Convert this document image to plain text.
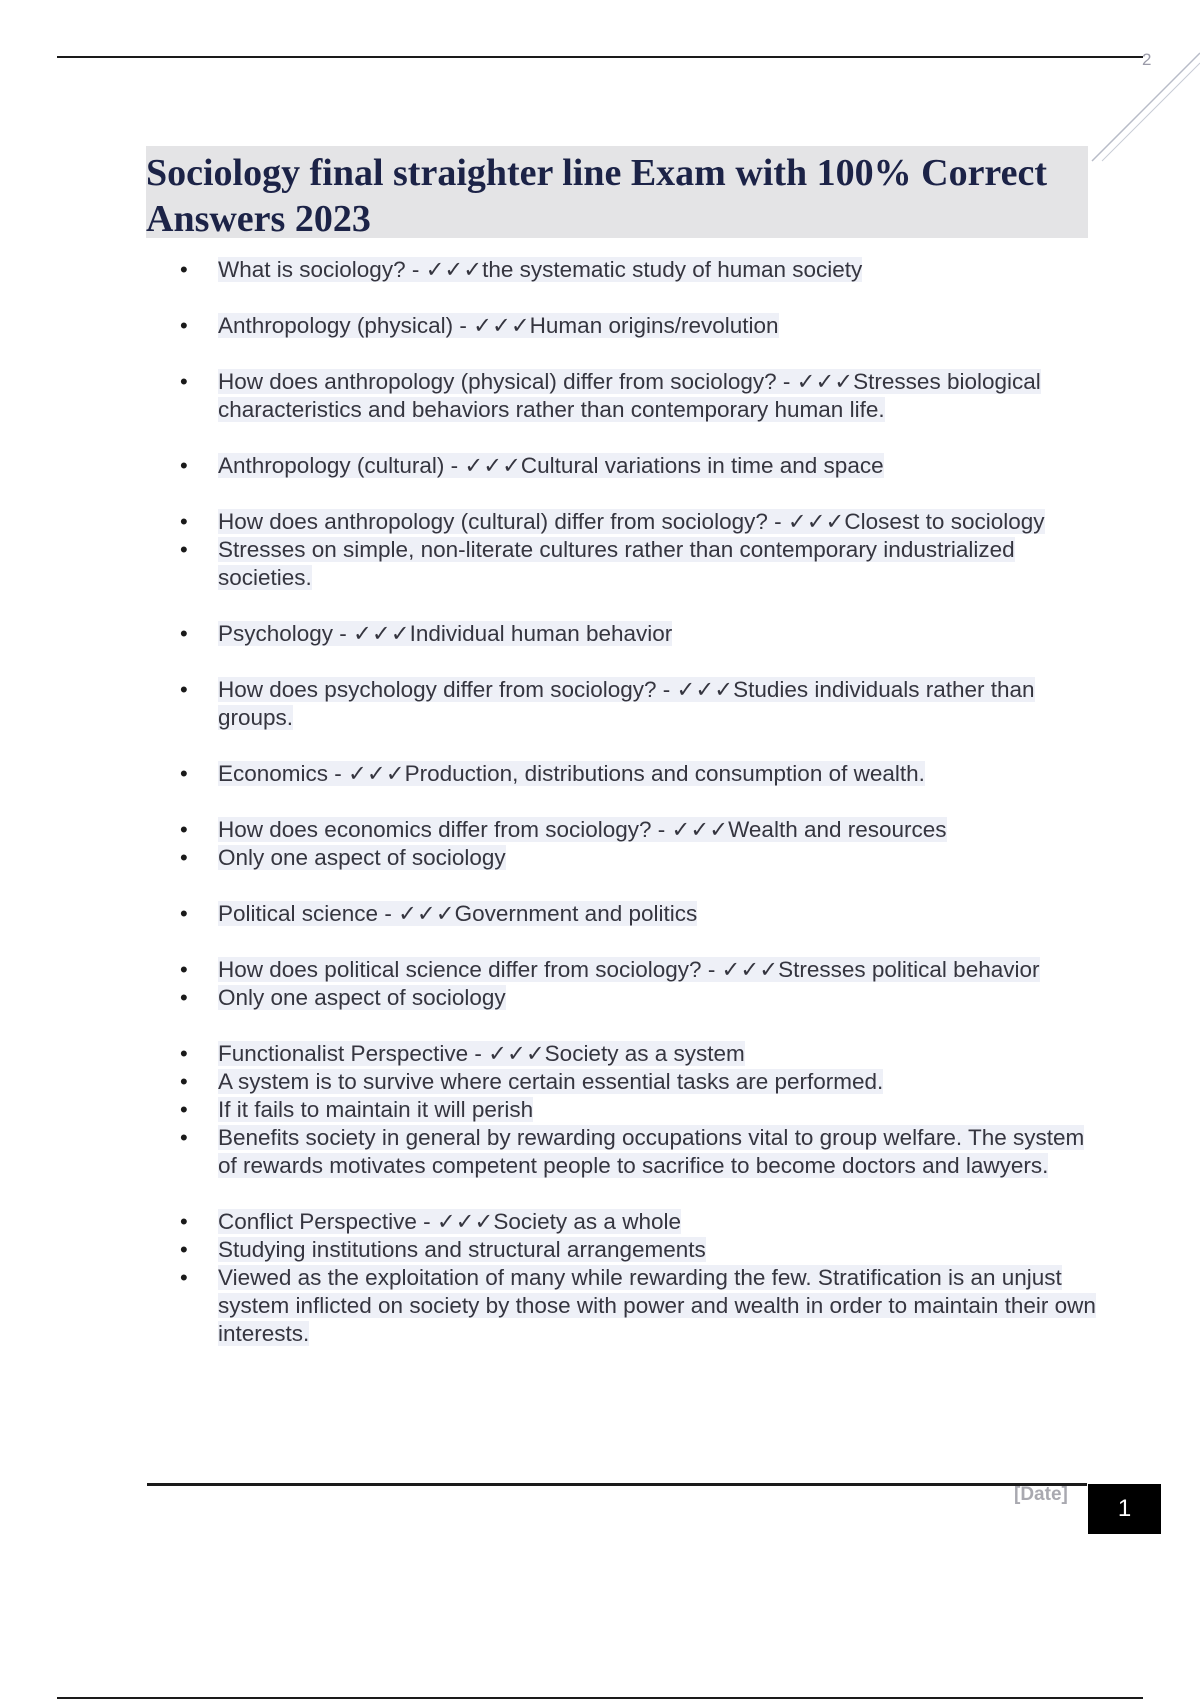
2
Sociology final straighter line Exam with 100% Correct Answers 2023
• What is sociology? - ✓✓✓the systematic study of human society
• Anthropology (physical) - ✓✓✓Human origins/revolution
• How does anthropology (physical) differ from sociology? - ✓✓✓Stresses biological characteristics and behaviors rather than contemporary human life.
• Anthropology (cultural) - ✓✓✓Cultural variations in time and space
• How does anthropology (cultural) differ from sociology? - ✓✓✓Closest to sociology
• Stresses on simple, non-literate cultures rather than contemporary industrialized societies.
• Psychology - ✓✓✓Individual human behavior
• How does psychology differ from sociology? - ✓✓✓Studies individuals rather than groups.
• Economics - ✓✓✓Production, distributions and consumption of wealth.
• How does economics differ from sociology? - ✓✓✓Wealth and resources
• Only one aspect of sociology
• Political science - ✓✓✓Government and politics
• How does political science differ from sociology? - ✓✓✓Stresses political behavior
• Only one aspect of sociology
• Functionalist Perspective - ✓✓✓Society as a system
• A system is to survive where certain essential tasks are performed.
• If it fails to maintain it will perish
• Benefits society in general by rewarding occupations vital to group welfare. The system of rewards motivates competent people to sacrifice to become doctors and lawyers.
• Conflict Perspective - ✓✓✓Society as a whole
• Studying institutions and structural arrangements
• Viewed as the exploitation of many while rewarding the few. Stratification is an unjust system inflicted on society by those with power and wealth in order to maintain their own interests.
[Date]
1
